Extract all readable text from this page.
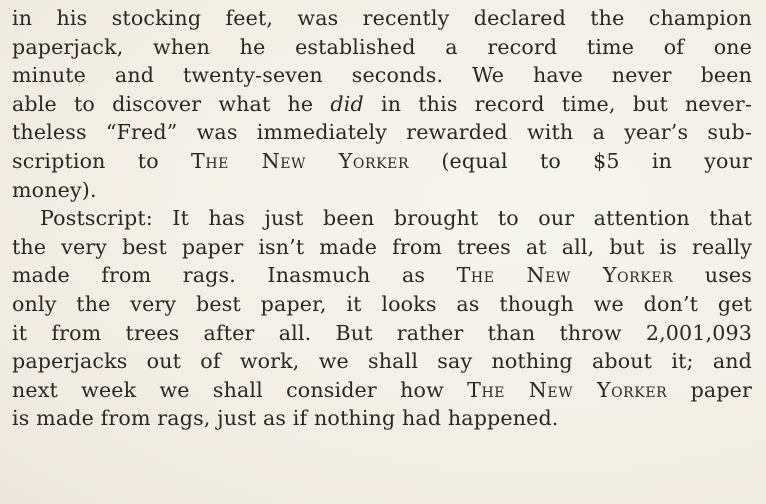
in his stocking feet, was recently declared the champion
paperjack, when he established a record time of one
minute and twenty-seven seconds. We have never been
able to discover what he did in this record time, but never-
theless “Fred” was immediately rewarded with a year’s sub-
scription to The New Yorker (equal to $5 in your
money).
Postscript: It has just been brought to our attention that
the very best paper isn’t made from trees at all, but is really
made from rags. Inasmuch as The New Yorker uses
only the very best paper, it looks as though we don’t get
it from trees after all. But rather than throw 2,001,093
paperjacks out of work, we shall say nothing about it; and
next week we shall consider how The New Yorker paper
is made from rags, just as if nothing had happened.
